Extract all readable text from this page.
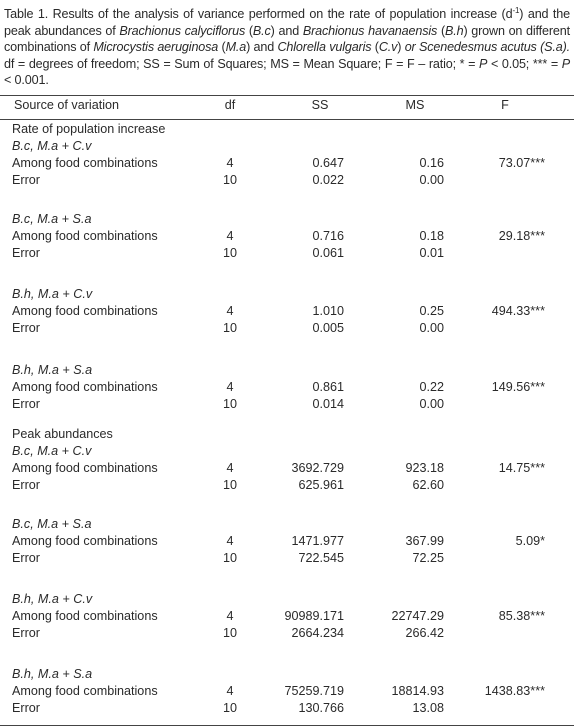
Table 1. Results of the analysis of variance performed on the rate of population increase $(d^{-1})$ and the peak abundances of Brachionus calyciflorus (B.c) and Brachionus havanaensis (B.h) grown on different combinations of Microcystis aeruginosa (M.a) and Chlorella vulgaris (C.v) or Scenedesmus acutus (S.a). df = degrees of freedom; SS = Sum of Squares; MS = Mean Square; F = F – ratio; * = P < 0.05; *** = P < 0.001.
Source of variation	df	SS	MS	F
Rate of population increase
B.c, M.a + C.v
Among food combinations	4	0.647	0.16	73.07***
Error	10	0.022	0.00
B.c, M.a + S.a
Among food combinations	4	0.716	0.18	29.18***
Error	10	0.061	0.01
B.h, M.a + C.v
Among food combinations	4	1.010	0.25	494.33***
Error	10	0.005	0.00
B.h, M.a + S.a
Among food combinations	4	0.861	0.22	149.56***
Error	10	0.014	0.00
Peak abundances
B.c, M.a + C.v
Among food combinations	4	3692.729	923.18	14.75***
Error	10	625.961	62.60
B.c, M.a + S.a
Among food combinations	4	1471.977	367.99	5.09*
Error	10	722.545	72.25
B.h, M.a + C.v
Among food combinations	4	90989.171	22747.29	85.38***
Error	10	2664.234	266.42
B.h, M.a + S.a
Among food combinations	4	75259.719	18814.93	1438.83***
Error	10	130.766	13.08
